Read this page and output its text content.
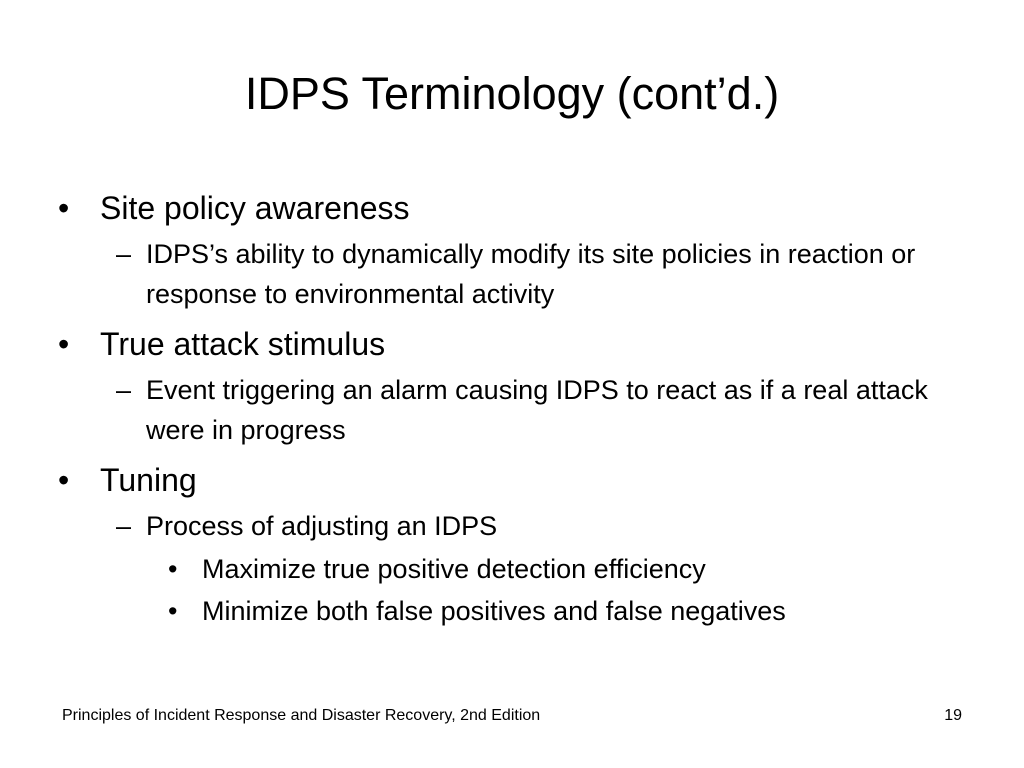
IDPS Terminology (cont’d.)
• Site policy awareness
– IDPS’s ability to dynamically modify its site policies in reaction or response to environmental activity
• True attack stimulus
– Event triggering an alarm causing IDPS to react as if a real attack were in progress
• Tuning
– Process of adjusting an IDPS
• Maximize true positive detection efficiency
• Minimize both false positives and false negatives
Principles of Incident Response and Disaster Recovery, 2nd Edition	19
